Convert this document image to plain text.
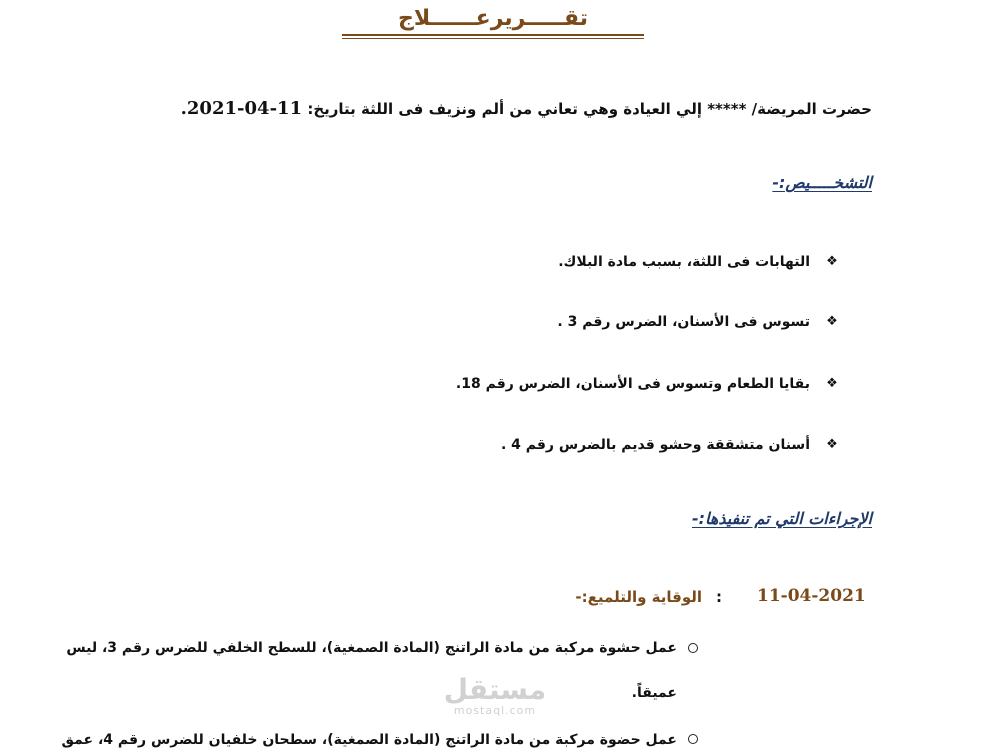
تقـــــريرعــــــلاج
حضرت المريضة/ ***** إلي العيادة وهي تعاني من ألم ونزيف فى اللثة بتاريخ: 11-04-2021.
التشخـــــيص:-
❖
التهابات فى اللثة، بسبب مادة البلاك.
❖
تسوس فى الأسنان، الضرس رقم 3 .
❖
بقايا الطعام وتسوس فى الأسنان، الضرس رقم 18.
❖
أسنان متشققة وحشو قديم بالضرس رقم 4 .
الإجراءات التي تم تنفيذها:-
11-04-2021
:
الوقاية والتلميع:-
عمل حشوة مركبة من مادة الراتنج (المادة الصمغية)، للسطح الخلفي للضرس رقم 3، ليس
عميقاً.
عمل حضوة مركبة من مادة الراتنج (المادة الصمغية)، سطحان خلفيان للضرس رقم 4، عمق
مستقل
mostaql.com
